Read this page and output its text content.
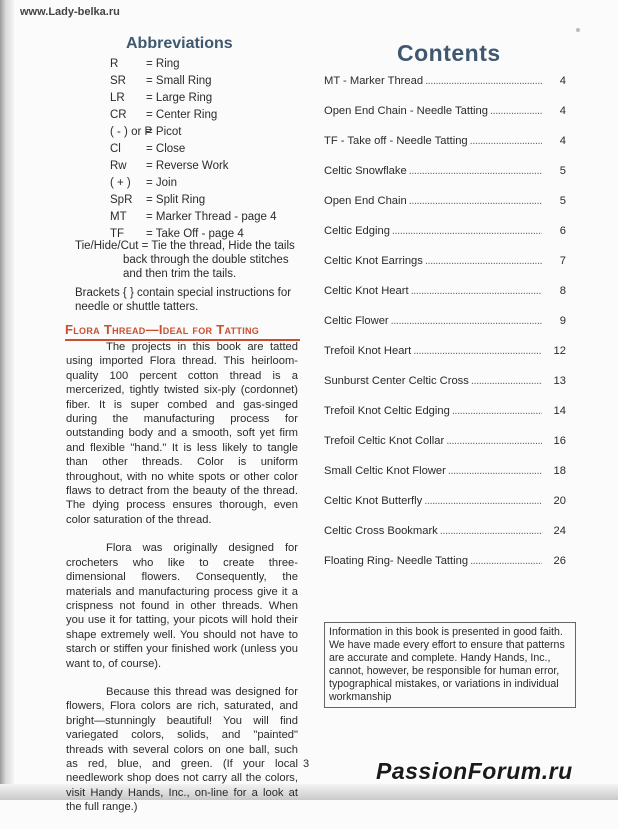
www.Lady-belka.ru
Abbreviations
R = Ring
SR = Small Ring
LR = Large Ring
CR = Center Ring
( - ) or P= Picot
Cl = Close
Rw = Reverse Work
( + ) = Join
SpR = Split Ring
MT = Marker Thread - page 4
TF = Take Off - page 4
Tie/Hide/Cut = Tie the thread, Hide the tails
back through the double stitches
and then trim the tails.
Brackets { } contain special instructions for
needle or shuttle tatters.
Flora Thread—Ideal for Tatting

The projects in this book are tatted using imported Flora thread. This heirloom-quality 100 percent cotton thread is a mercerized, tightly twisted six-ply (cordonnet) fiber. It is super combed and gas-singed during the manufacturing process for outstanding body and a smooth, soft yet firm and flexible "hand." It is less likely to tangle than other threads. Color is uniform throughout, with no white spots or other color flaws to detract from the beauty of the thread. The dying process ensures thorough, even color saturation of the thread.

Flora was originally designed for crocheters who like to create three-dimensional flowers. Consequently, the materials and manufacturing process give it a crispness not found in other threads. When you use it for tatting, your picots will hold their shape extremely well. You should not have to starch or stiffen your finished work (unless you want to, of course).

Because this thread was designed for flowers, Flora colors are rich, saturated, and bright—stunningly beautiful! You will find variegated colors, solids, and "painted" threads with several colors on one ball, such as red, blue, and green. (If your local needlework shop does not carry all the colors, visit Handy Hands, Inc., on-line for a look at the full range.)

3
Contents
MT - Marker Thread .....	4
Open End Chain - Needle Tatting .....	4
TF - Take off - Needle Tatting .....	4
Celtic Snowflake .....	5
Open End Chain .....	5
Celtic Edging .....	6
Celtic Knot Earrings .....	7
Celtic Knot Heart .....	8
Celtic Flower .....	9
Trefoil Knot Heart .....	12
Sunburst Center Celtic Cross .....	13
Trefoil Knot Celtic Edging .....	14
Trefoil Celtic Knot Collar .....	16
Small Celtic Knot Flower .....	18
Celtic Knot Butterfly .....	20
Celtic Cross Bookmark .....	24
Floating Ring- Needle Tatting .....	26
Information in this book is presented in good faith. We have made every effort to ensure that patterns are accurate and complete. Handy Hands, Inc., cannot, however, be responsible for human error, typographical mistakes, or variations in individual workmanship
PassionForum.ru
